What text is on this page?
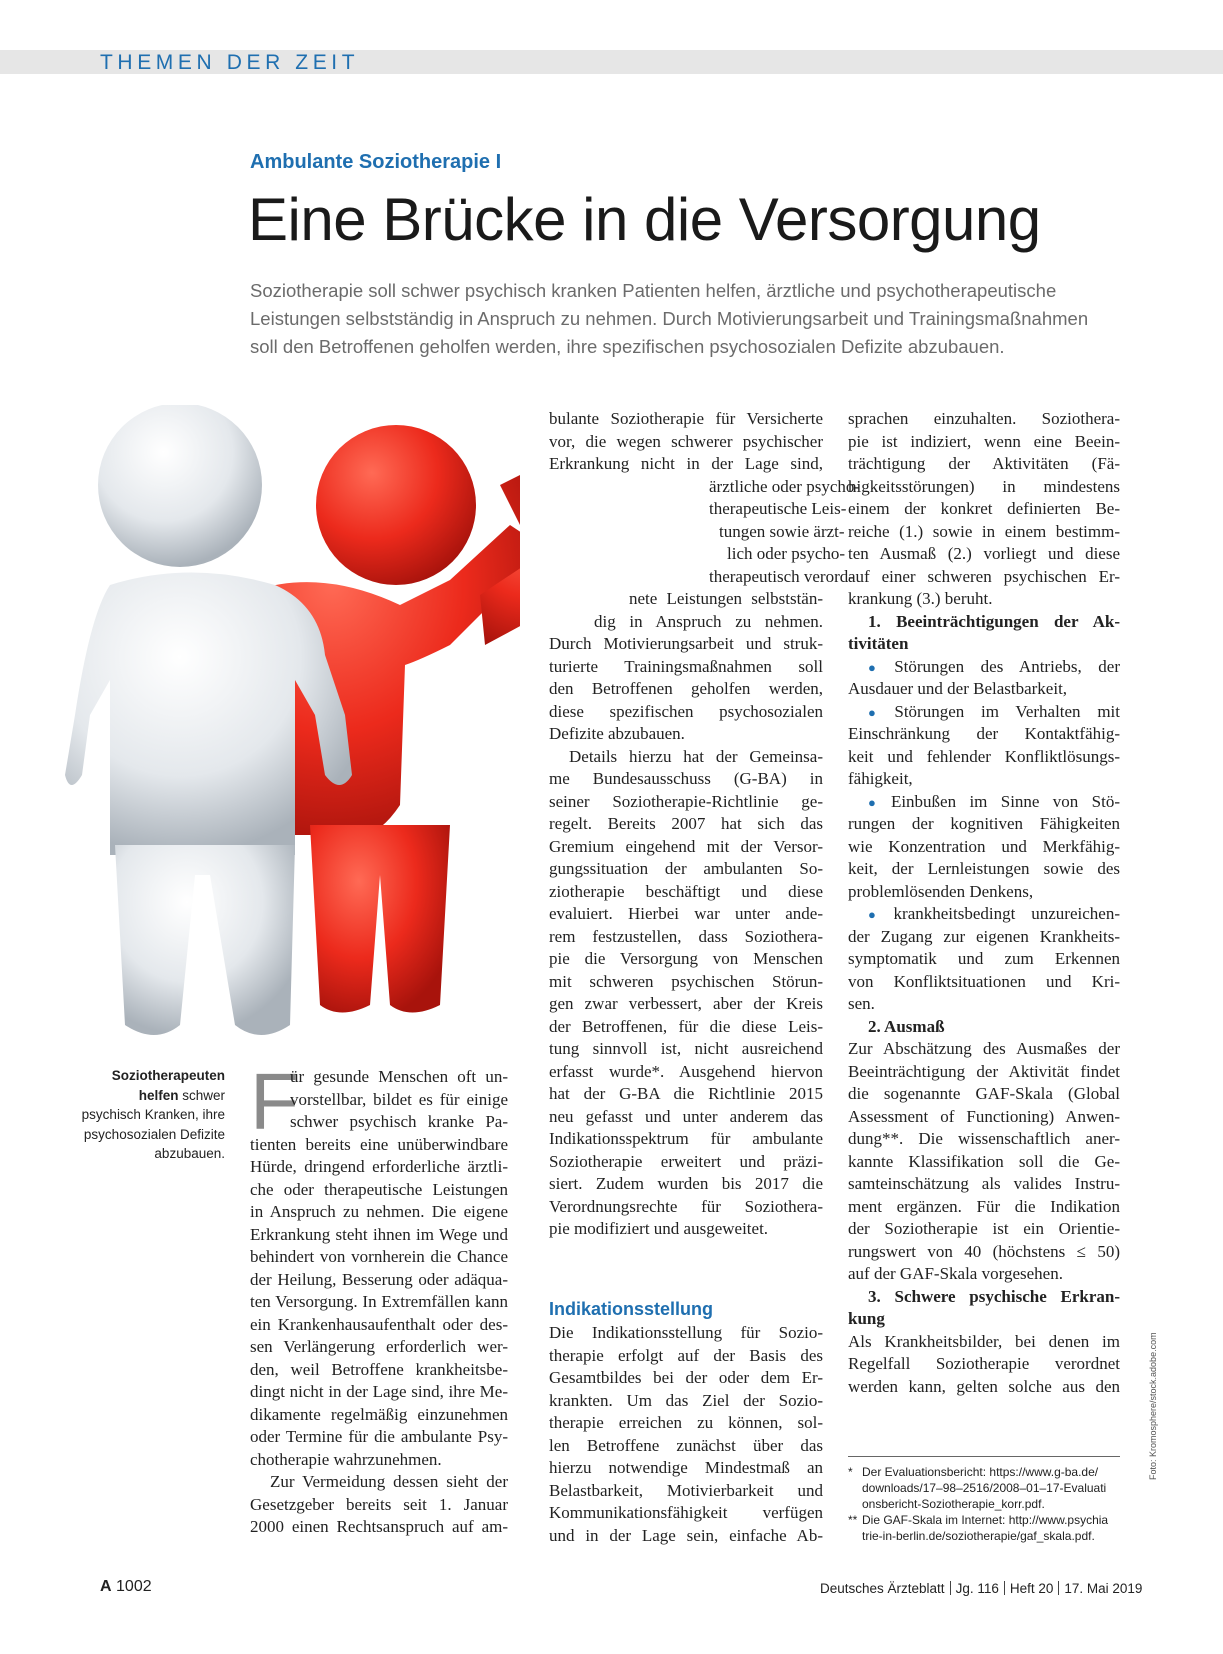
THEMEN DER ZEIT
Ambulante Soziotherapie I
Eine Brücke in die Versorgung
Soziotherapie soll schwer psychisch kranken Patienten helfen, ärztliche und psychotherapeutische
Leistungen selbstständig in Anspruch zu nehmen. Durch Motivierungsarbeit und Trainingsmaßnahmen
soll den Betroffenen geholfen werden, ihre spezifischen psychosozialen Defizite abzubauen.
Soziotherapeuten helfen schwer psychisch Kranken, ihre psychosozialen Defizite abzubauen.
F
ür gesunde Menschen oft un-
vorstellbar, bildet es für einige
schwer psychisch kranke Pa-
tienten bereits eine unüberwindbare
Hürde, dringend erforderliche ärztli-
che oder therapeutische Leistungen
in Anspruch zu nehmen. Die eigene
Erkrankung steht ihnen im Wege und
behindert von vornherein die Chance
der Heilung, Besserung oder adäqua-
ten Versorgung. In Extremfällen kann
ein Krankenhausaufenthalt oder des-
sen Verlängerung erforderlich wer-
den, weil Betroffene krankheitsbe-
dingt nicht in der Lage sind, ihre Me-
dikamente regelmäßig einzunehmen
oder Termine für die ambulante Psy-
chotherapie wahrzunehmen.
Zur Vermeidung dessen sieht der
Gesetzgeber bereits seit 1. Januar
2000 einen Rechtsanspruch auf am-
bulante Soziotherapie für Versicherte
vor, die wegen schwerer psychischer
Erkrankung nicht in der Lage sind,
ärztliche oder psycho-
therapeutische Leis-
tungen sowie ärzt-
lich oder psycho-
therapeutisch verord-
nete Leistungen selbststän-
dig in Anspruch zu nehmen.
Durch Motivierungsarbeit und struk-
turierte Trainingsmaßnahmen soll
den Betroffenen geholfen werden,
diese spezifischen psychosozialen
Defizite abzubauen.
Details hierzu hat der Gemeinsa-
me Bundesausschuss (G-BA) in
seiner Soziotherapie-Richtlinie ge-
regelt. Bereits 2007 hat sich das
Gremium eingehend mit der Versor-
gungssituation der ambulanten So-
ziotherapie beschäftigt und diese
evaluiert. Hierbei war unter ande-
rem festzustellen, dass Soziothera-
pie die Versorgung von Menschen
mit schweren psychischen Störun-
gen zwar verbessert, aber der Kreis
der Betroffenen, für die diese Leis-
tung sinnvoll ist, nicht ausreichend
erfasst wurde*. Ausgehend hiervon
hat der G-BA die Richtlinie 2015
neu gefasst und unter anderem das
Indikationsspektrum für ambulante
Soziotherapie erweitert und präzi-
siert. Zudem wurden bis 2017 die
Verordnungsrechte für Soziothera-
pie modifiziert und ausgeweitet.
Indikationsstellung
Die Indikationsstellung für Sozio-
therapie erfolgt auf der Basis des
Gesamtbildes bei der oder dem Er-
krankten. Um das Ziel der Sozio-
therapie erreichen zu können, sol-
len Betroffene zunächst über das
hierzu notwendige Mindestmaß an
Belastbarkeit, Motivierbarkeit und
Kommunikationsfähigkeit verfügen
und in der Lage sein, einfache Ab-
sprachen einzuhalten. Soziothera-
pie ist indiziert, wenn eine Beein-
trächtigung der Aktivitäten (Fä-
higkeitsstörungen) in mindestens
einem der konkret definierten Be-
reiche (1.) sowie in einem bestimm-
ten Ausmaß (2.) vorliegt und diese
auf einer schweren psychischen Er-
krankung (3.) beruht.
1. Beeinträchtigungen der Ak-
tivitäten
● Störungen des Antriebs, der
Ausdauer und der Belastbarkeit,
● Störungen im Verhalten mit
Einschränkung der Kontaktfähig-
keit und fehlender Konfliktlösungs-
fähigkeit,
● Einbußen im Sinne von Stö-
rungen der kognitiven Fähigkeiten
wie Konzentration und Merkfähig-
keit, der Lernleistungen sowie des
problemlösenden Denkens,
● krankheitsbedingt unzureichen-
der Zugang zur eigenen Krankheits-
symptomatik und zum Erkennen
von Konfliktsituationen und Kri-
sen.
2. Ausmaß
Zur Abschätzung des Ausmaßes der
Beeinträchtigung der Aktivität findet
die sogenannte GAF-Skala (Global
Assessment of Functioning) Anwen-
dung**. Die wissenschaftlich aner-
kannte Klassifikation soll die Ge-
samteinschätzung als valides Instru-
ment ergänzen. Für die Indikation
der Soziotherapie ist ein Orientie-
rungswert von 40 (höchstens ≤ 50)
auf der GAF-Skala vorgesehen.
3. Schwere psychische Erkran-
kung
Als Krankheitsbilder, bei denen im
Regelfall Soziotherapie verordnet
werden kann, gelten solche aus den
* Der Evaluationsbericht: https://www.g-ba.de/
downloads/17–98–2516/2008–01–17-Evaluati
onsbericht-Soziotherapie_korr.pdf.
** Die GAF-Skala im Internet: http://www.psychia
trie-in-berlin.de/soziotherapie/gaf_skala.pdf.
Foto: Kromosphere/stock.adobe.com
A 1002	Deutsches Ärzteblatt Jg. 116 Heft 20 17. Mai 2019
